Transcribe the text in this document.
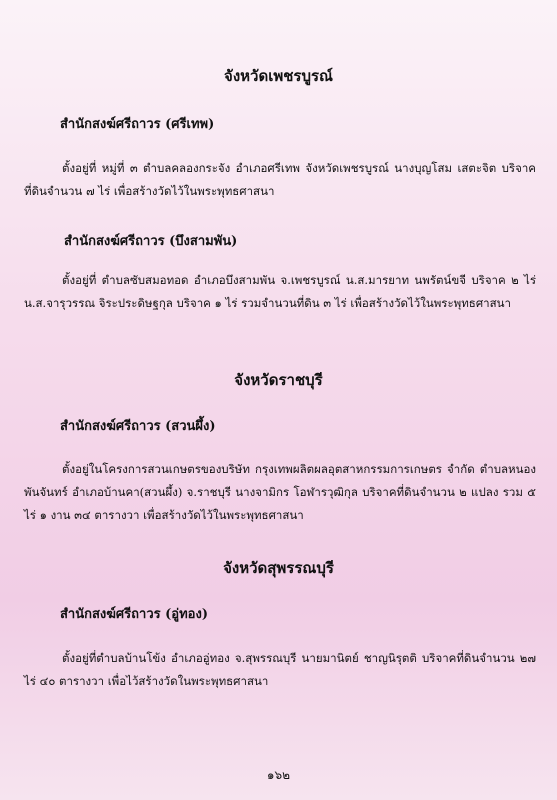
จังหวัดเพชรบูรณ์
สำนักสงฆ์ศรีถาวร (ศรีเทพ)

ตั้งอยู่ที่ หมู่ที่ ๓ ตำบลคลองกระจัง อำเภอศรีเทพ จังหวัดเพชรบูรณ์ นางบุญโสม เสตะจิต บริจาคที่ดินจำนวน ๗ ไร่ เพื่อสร้างวัดไว้ในพระพุทธศาสนา

สำนักสงฆ์ศรีถาวร (บึงสามพัน)

ตั้งอยู่ที่ ตำบลซับสมอทอด อำเภอบึงสามพัน จ.เพชรบูรณ์ น.ส.มารยาท นพรัตน์ขจี บริจาค ๒ ไร่ น.ส.จารุวรรณ จิระประดิษฐกุล บริจาค ๑ ไร่ รวมจำนวนที่ดิน ๓ ไร่ เพื่อสร้างวัดไว้ในพระพุทธศาสนา

จังหวัดราชบุรี
สำนักสงฆ์ศรีถาวร (สวนผึ้ง)

ตั้งอยู่ในโครงการสวนเกษตรของบริษัท กรุงเทพผลิตผลอุตสาหกรรมการเกษตร จำกัด ตำบลหนองพันจันทร์ อำเภอบ้านคา(สวนผึ้ง) จ.ราชบุรี นางจามิกร โอฬารวุฒิกุล บริจาคที่ดินจำนวน ๒ แปลง รวม ๕ ไร่ ๑ งาน ๓๔ ตารางวา เพื่อสร้างวัดไว้ในพระพุทธศาสนา

จังหวัดสุพรรณบุรี
สำนักสงฆ์ศรีถาวร (อู่ทอง)

ตั้งอยู่ที่ตำบลบ้านโข้ง อำเภออู่ทอง จ.สุพรรณบุรี นายมานิตย์ ชาญนิรุตติ บริจาคที่ดินจำนวน ๒๗ ไร่ ๔๐ ตารางวา เพื่อไว้สร้างวัดในพระพุทธศาสนา

๑๖๒
